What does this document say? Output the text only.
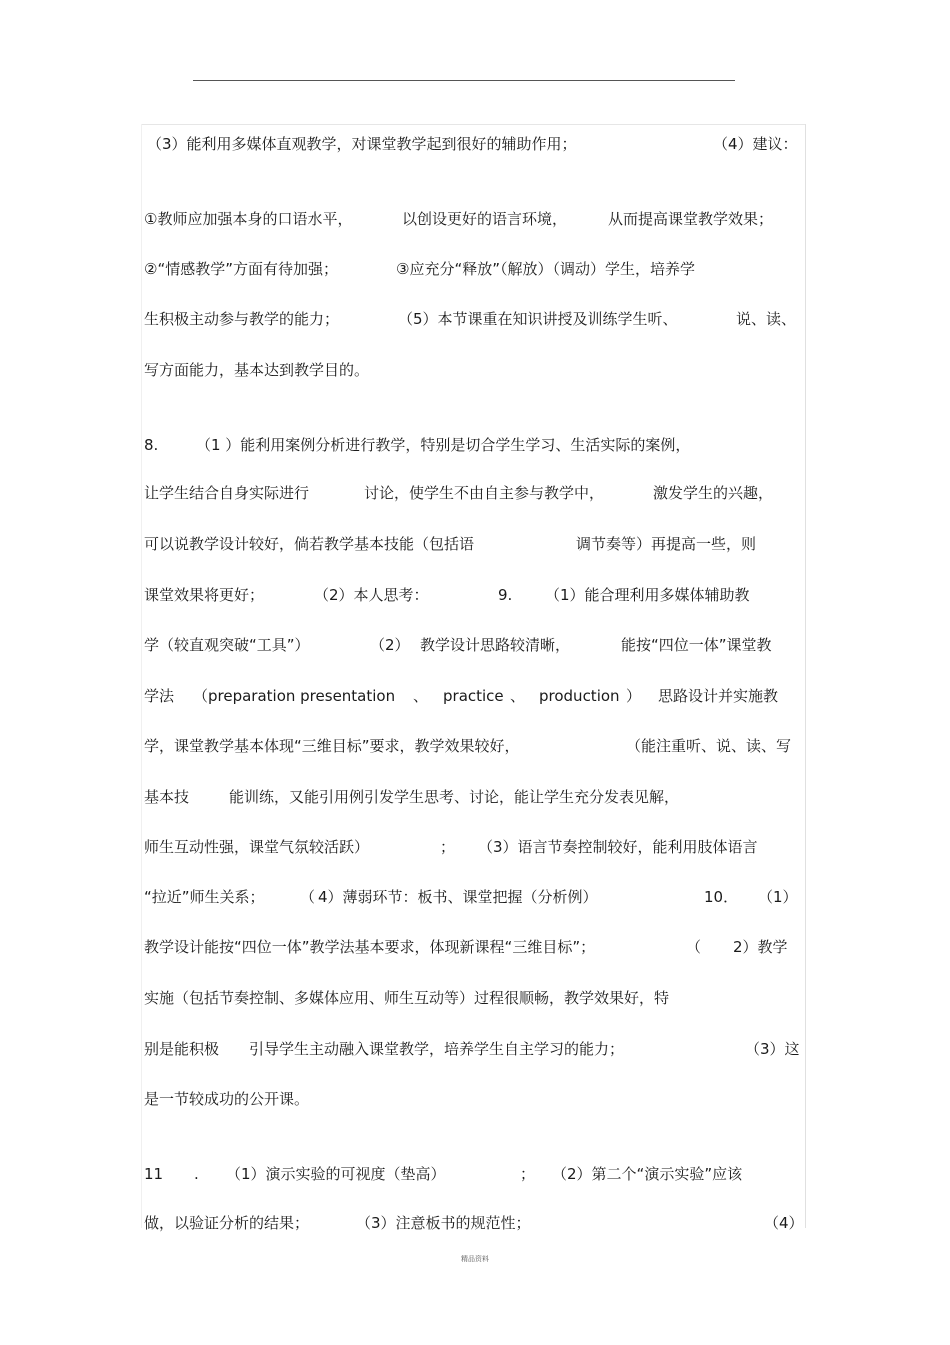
（3）能利用多媒体直观教学，对课堂教学起到很好的辅助作用；	（4）建议：
①教师应加强本身的口语水平，	以创设更好的语言环境，	从而提高课堂教学效果；
②“情感教学”方面有待加强；	③应充分“释放”（解放）（调动）学生，培养学
生积极主动参与教学的能力；	（5）本节课重在知识讲授及训练学生听、	说、读、
写方面能力，基本达到教学目的。
8.	（1 ）能利用案例分析进行教学，特别是切合学生学习、生活实际的案例，
让学生结合自身实际进行	讨论，使学生不由自主参与教学中，	激发学生的兴趣，
可以说教学设计较好，倘若教学基本技能（包括语	调节奏等）再提高一些，则
课堂效果将更好；	（2）本人思考：	9. （1）能合理利用多媒体辅助教
学（较直观突破“工具”）	（2） 教学设计思路较清晰，	能按“四位一体”课堂教
学法 （preparation presentation 、 practice 、 production ） 思路设计并实施教
学，课堂教学基本体现“三维目标”要求，教学效果较好，	（能注重听、说、读、写
基本技	能训练，又能引用例引发学生思考、讨论，能让学生充分发表见解，
师生互动性强，课堂气氛较活跃）	； （3）语言节奏控制较好，能利用肢体语言
“拉近”师生关系； （ 4）薄弱环节：板书、课堂把握（分析例）	10． （1）
教学设计能按“四位一体”教学法基本要求，体现新课程“三维目标”；	（ 2）教学
实施（包括节奏控制、多媒体应用、师生互动等）过程很顺畅，教学效果好，特
别是能积极 引导学生主动融入课堂教学，培养学生自主学习的能力；	（3）这
是一节较成功的公开课。
11 . （1）演示实验的可视度（垫高）	； （2）第二个“演示实验”应该
做，以验证分析的结果；	（3）注意板书的规范性；	（4）
精品资料
